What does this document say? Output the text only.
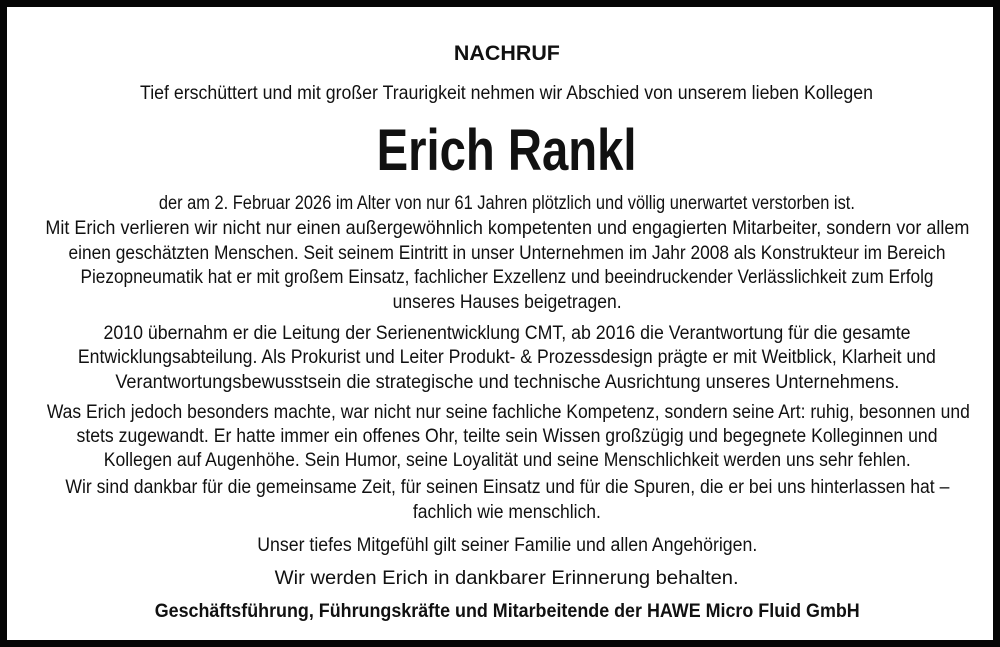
NACHRUF
Tief erschüttert und mit großer Traurigkeit nehmen wir Abschied von unserem lieben Kollegen
Erich Rankl
der am 2. Februar 2026 im Alter von nur 61 Jahren plötzlich und völlig unerwartet verstorben ist.
Mit Erich verlieren wir nicht nur einen außergewöhnlich kompetenten und engagierten Mitarbeiter, sondern vor allem
einen geschätzten Menschen. Seit seinem Eintritt in unser Unternehmen im Jahr 2008 als Konstrukteur im Bereich
Piezopneumatik hat er mit großem Einsatz, fachlicher Exzellenz und beeindruckender Verlässlichkeit zum Erfolg
unseres Hauses beigetragen.
2010 übernahm er die Leitung der Serienentwicklung CMT, ab 2016 die Verantwortung für die gesamte
Entwicklungsabteilung. Als Prokurist und Leiter Produkt- & Prozessdesign prägte er mit Weitblick, Klarheit und
Verantwortungsbewusstsein die strategische und technische Ausrichtung unseres Unternehmens.
Was Erich jedoch besonders machte, war nicht nur seine fachliche Kompetenz, sondern seine Art: ruhig, besonnen und
stets zugewandt. Er hatte immer ein offenes Ohr, teilte sein Wissen großzügig und begegnete Kolleginnen und
Kollegen auf Augenhöhe. Sein Humor, seine Loyalität und seine Menschlichkeit werden uns sehr fehlen.
Wir sind dankbar für die gemeinsame Zeit, für seinen Einsatz und für die Spuren, die er bei uns hinterlassen hat –
fachlich wie menschlich.
Unser tiefes Mitgefühl gilt seiner Familie und allen Angehörigen.
Wir werden Erich in dankbarer Erinnerung behalten.
Geschäftsführung, Führungskräfte und Mitarbeitende der HAWE Micro Fluid GmbH
